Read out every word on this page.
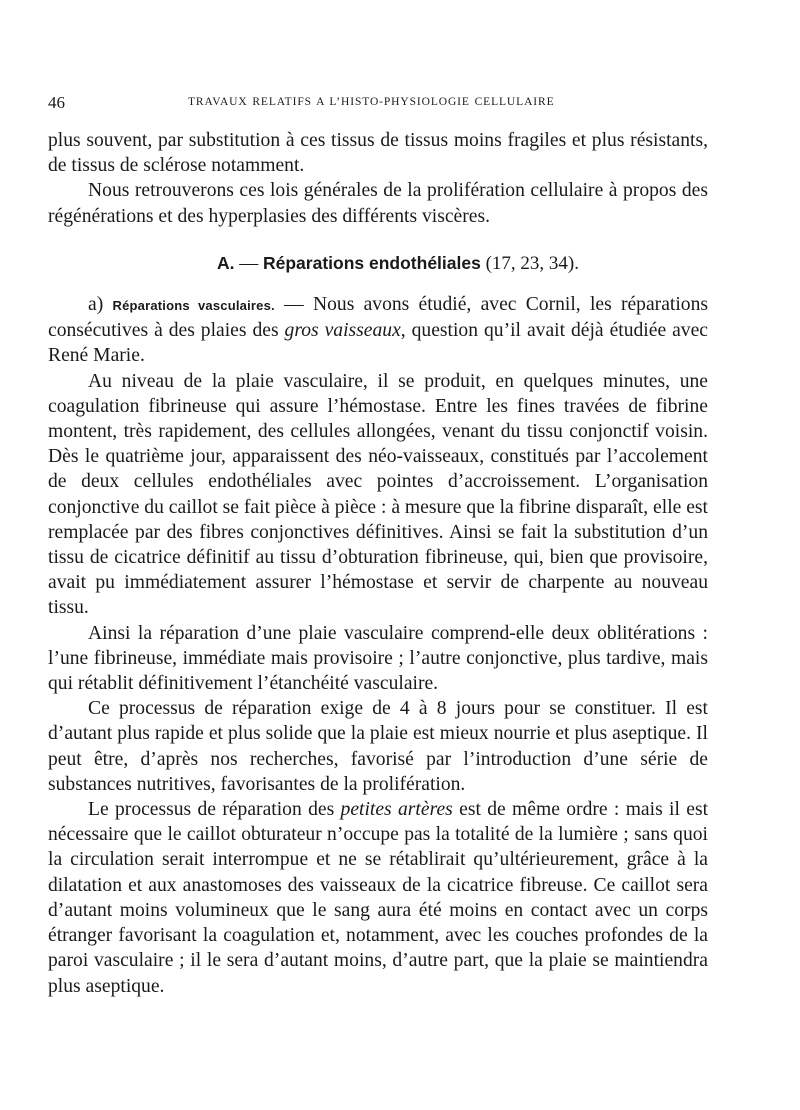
46	TRAVAUX RELATIFS A L’HISTO-PHYSIOLOGIE CELLULAIRE

plus souvent, par substitution à ces tissus de tissus moins fragiles et plus résistants, de tissus de sclérose notamment.

Nous retrouverons ces lois générales de la prolifération cellulaire à propos des régénérations et des hyperplasies des différents viscères.

A. — Réparations endothéliales (17, 23, 34).

a) Réparations vasculaires. — Nous avons étudié, avec Cornil, les réparations consécutives à des plaies des gros vaisseaux, question qu’il avait déjà étudiée avec René Marie.

Au niveau de la plaie vasculaire, il se produit, en quelques minutes, une coagulation fibrineuse qui assure l’hémostase. Entre les fines travées de fibrine montent, très rapidement, des cellules allongées, venant du tissu conjonctif voisin. Dès le quatrième jour, apparaissent des néo-vaisseaux, constitués par l’accolement de deux cellules endothéliales avec pointes d’accroissement. L’organisation conjonctive du caillot se fait pièce à pièce : à mesure que la fibrine disparaît, elle est remplacée par des fibres conjonctives définitives. Ainsi se fait la substitution d’un tissu de cicatrice définitif au tissu d’obturation fibrineuse, qui, bien que provisoire, avait pu immédiatement assurer l’hémostase et servir de charpente au nouveau tissu.

Ainsi la réparation d’une plaie vasculaire comprend-elle deux oblitérations : l’une fibrineuse, immédiate mais provisoire ; l’autre conjonctive, plus tardive, mais qui rétablit définitivement l’étanchéité vasculaire.

Ce processus de réparation exige de 4 à 8 jours pour se constituer. Il est d’autant plus rapide et plus solide que la plaie est mieux nourrie et plus aseptique. Il peut être, d’après nos recherches, favorisé par l’introduction d’une série de substances nutritives, favorisantes de la prolifération.

Le processus de réparation des petites artères est de même ordre : mais il est nécessaire que le caillot obturateur n’occupe pas la totalité de la lumière ; sans quoi la circulation serait interrompue et ne se rétablirait qu’ultérieurement, grâce à la dilatation et aux anastomoses des vaisseaux de la cicatrice fibreuse. Ce caillot sera d’autant moins volumineux que le sang aura été moins en contact avec un corps étranger favorisant la coagulation et, notamment, avec les couches profondes de la paroi vasculaire ; il le sera d’autant moins, d’autre part, que la plaie se maintiendra plus aseptique.
